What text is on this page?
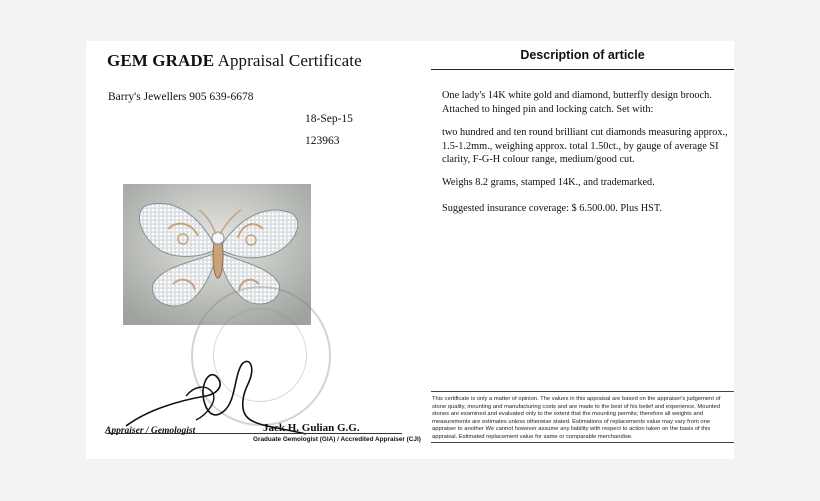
GEM GRADE Appraisal Certificate
Barry's Jewellers 905 639-6678
18-Sep-15
123963
Appraiser / Gemologist	Jack H. Gulian G.G.
Graduate Gemologist (GIA) / Accredited Appraiser (CJI)
Description of article
One lady's 14K white gold and diamond, butterfly design brooch. Attached to hinged pin and locking catch. Set with:
two hundred and ten round brilliant cut diamonds measuring approx., 1.5-1.2mm., weighing approx. total 1.50ct., by gauge of average SI clarity, F-G-H colour range, medium/good cut.
Weighs 8.2 grams, stamped 14K., and trademarked.
Suggested insurance coverage: $ 6.500.00. Plus HST.
This certificate is only a matter of opinion. The values in this appraisal are based on the appraiser's judgement of stone quality, mounting and manufacturing costs and are made to the best of his belief and experience. Mounted stones are examined and evaluated only to the extent that the mounting permits; therefore all weights and measurements are estimates unless otherwise stated. Estimations of replacements value may vary from one appraiser to another We cannot however assume any liability with respect to action taken on the basis of this appraisal. Estimated replacement value for same or comparable merchandise.
